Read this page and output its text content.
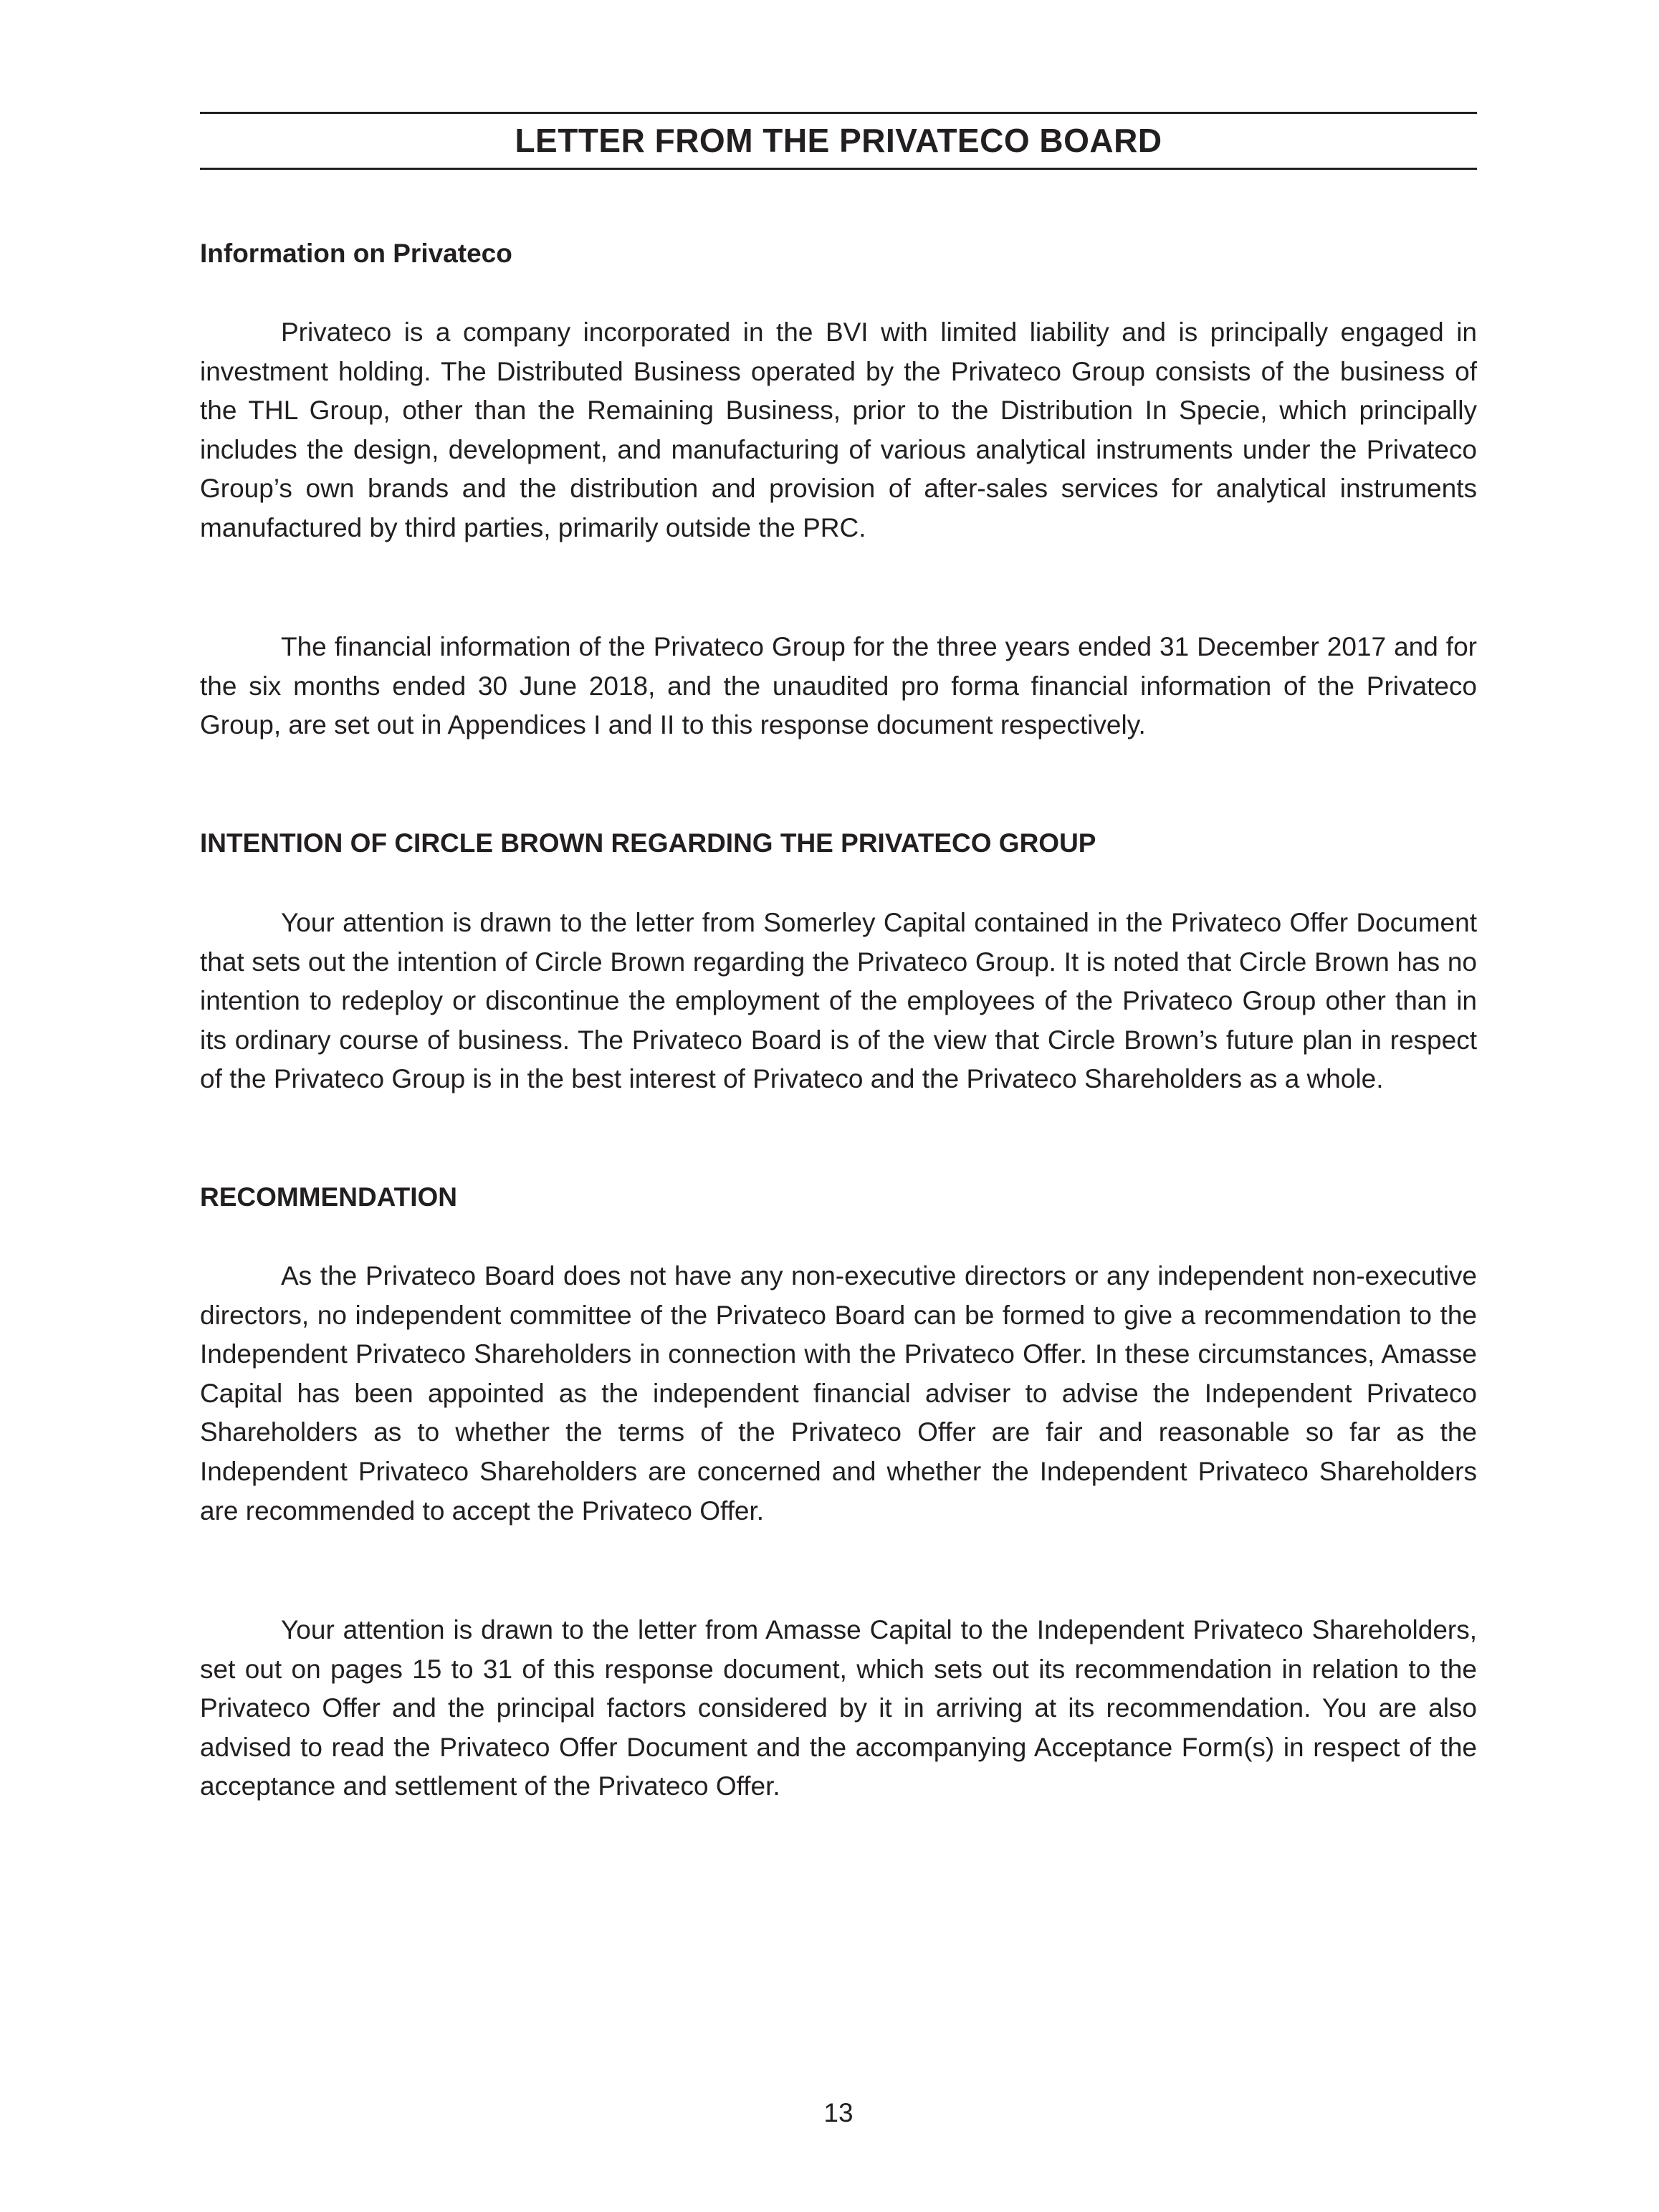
LETTER FROM THE PRIVATECO BOARD
Information on Privateco

Privateco is a company incorporated in the BVI with limited liability and is principally engaged in investment holding. The Distributed Business operated by the Privateco Group consists of the business of the THL Group, other than the Remaining Business, prior to the Distribution In Specie, which principally includes the design, development, and manufacturing of various analytical instruments under the Privateco Group’s own brands and the distribution and provision of after-sales services for analytical instruments manufactured by third parties, primarily outside the PRC.

The financial information of the Privateco Group for the three years ended 31 December 2017 and for the six months ended 30 June 2018, and the unaudited pro forma financial information of the Privateco Group, are set out in Appendices I and II to this response document respectively.

INTENTION OF CIRCLE BROWN REGARDING THE PRIVATECO GROUP

Your attention is drawn to the letter from Somerley Capital contained in the Privateco Offer Document that sets out the intention of Circle Brown regarding the Privateco Group. It is noted that Circle Brown has no intention to redeploy or discontinue the employment of the employees of the Privateco Group other than in its ordinary course of business. The Privateco Board is of the view that Circle Brown’s future plan in respect of the Privateco Group is in the best interest of Privateco and the Privateco Shareholders as a whole.

RECOMMENDATION

As the Privateco Board does not have any non-executive directors or any independent non-executive directors, no independent committee of the Privateco Board can be formed to give a recommendation to the Independent Privateco Shareholders in connection with the Privateco Offer. In these circumstances, Amasse Capital has been appointed as the independent financial adviser to advise the Independent Privateco Shareholders as to whether the terms of the Privateco Offer are fair and reasonable so far as the Independent Privateco Shareholders are concerned and whether the Independent Privateco Shareholders are recommended to accept the Privateco Offer.

Your attention is drawn to the letter from Amasse Capital to the Independent Privateco Shareholders, set out on pages 15 to 31 of this response document, which sets out its recommendation in relation to the Privateco Offer and the principal factors considered by it in arriving at its recommendation. You are also advised to read the Privateco Offer Document and the accompanying Acceptance Form(s) in respect of the acceptance and settlement of the Privateco Offer.

13
